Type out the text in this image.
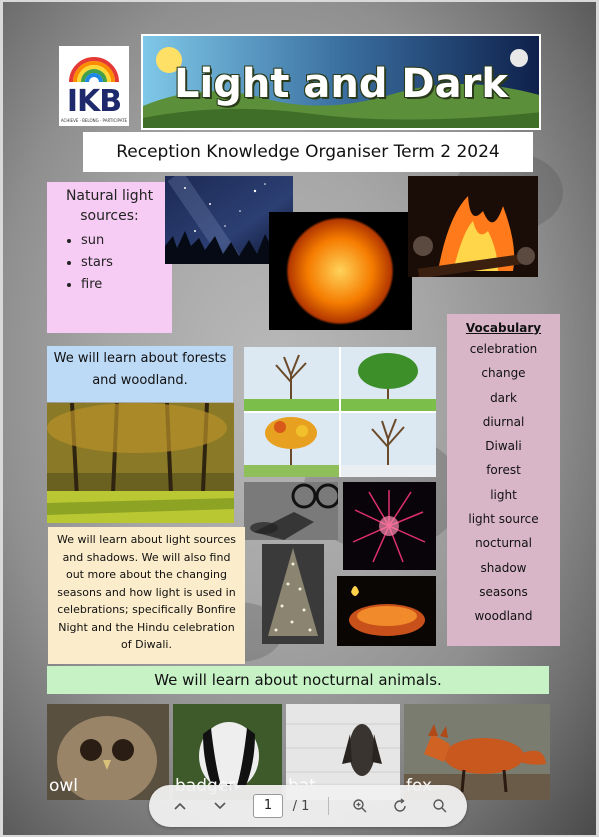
IKB
ACHIEVE · BELONG · PARTICIPATE
Light and Dark
Reception Knowledge Organiser Term 2 2024
Natural light sources:
• sun
• stars
• fire
Vocabulary
celebration
change
dark
diurnal
Diwali
forest
light
light source
nocturnal
shadow
seasons
woodland
We will learn about forests and woodland.
We will learn about light sources and shadows. We will also find out more about the changing seasons and how light is used in celebrations; specifically Bonfire Night and the Hindu celebration of Diwali.
We will learn about nocturnal animals.
owl
1	/ 1
